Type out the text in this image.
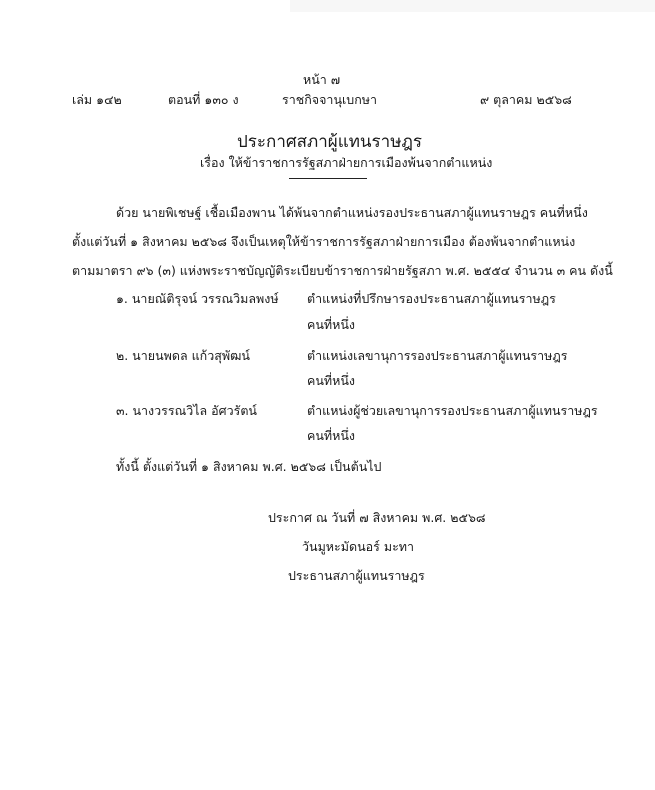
หน้า ๗
เล่ม ๑๔๒	ตอนที่ ๑๓๐ ง	ราชกิจจานุเบกษา	๙ ตุลาคม ๒๕๖๘
ประกาศสภาผู้แทนราษฎร
เรื่อง ให้ข้าราชการรัฐสภาฝ่ายการเมืองพ้นจากตำแหน่ง
ด้วย นายพิเชษฐ์ เชื้อเมืองพาน ได้พ้นจากตำแหน่งรองประธานสภาผู้แทนราษฎร คนที่หนึ่ง
ตั้งแต่วันที่ ๑ สิงหาคม ๒๕๖๘ จึงเป็นเหตุให้ข้าราชการรัฐสภาฝ่ายการเมือง ต้องพ้นจากตำแหน่ง
ตามมาตรา ๙๖ (๓) แห่งพระราชบัญญัติระเบียบข้าราชการฝ่ายรัฐสภา พ.ศ. ๒๕๕๔ จำนวน ๓ คน ดังนี้
๑. นายณัติรุจน์ วรรณวิมลพงษ์ ตำแหน่งที่ปรึกษารองประธานสภาผู้แทนราษฎร
คนที่หนึ่ง
๒. นายนพดล แก้วสุพัฒน์	ตำแหน่งเลขานุการรองประธานสภาผู้แทนราษฎร
คนที่หนึ่ง
๓. นางวรรณวิไล อัศวรัตน์	ตำแหน่งผู้ช่วยเลขานุการรองประธานสภาผู้แทนราษฎร
คนที่หนึ่ง
ทั้งนี้ ตั้งแต่วันที่ ๑ สิงหาคม พ.ศ. ๒๕๖๘ เป็นต้นไป
ประกาศ ณ วันที่ ๗ สิงหาคม พ.ศ. ๒๕๖๘
วันมูหะมัดนอร์ มะทา
ประธานสภาผู้แทนราษฎร
